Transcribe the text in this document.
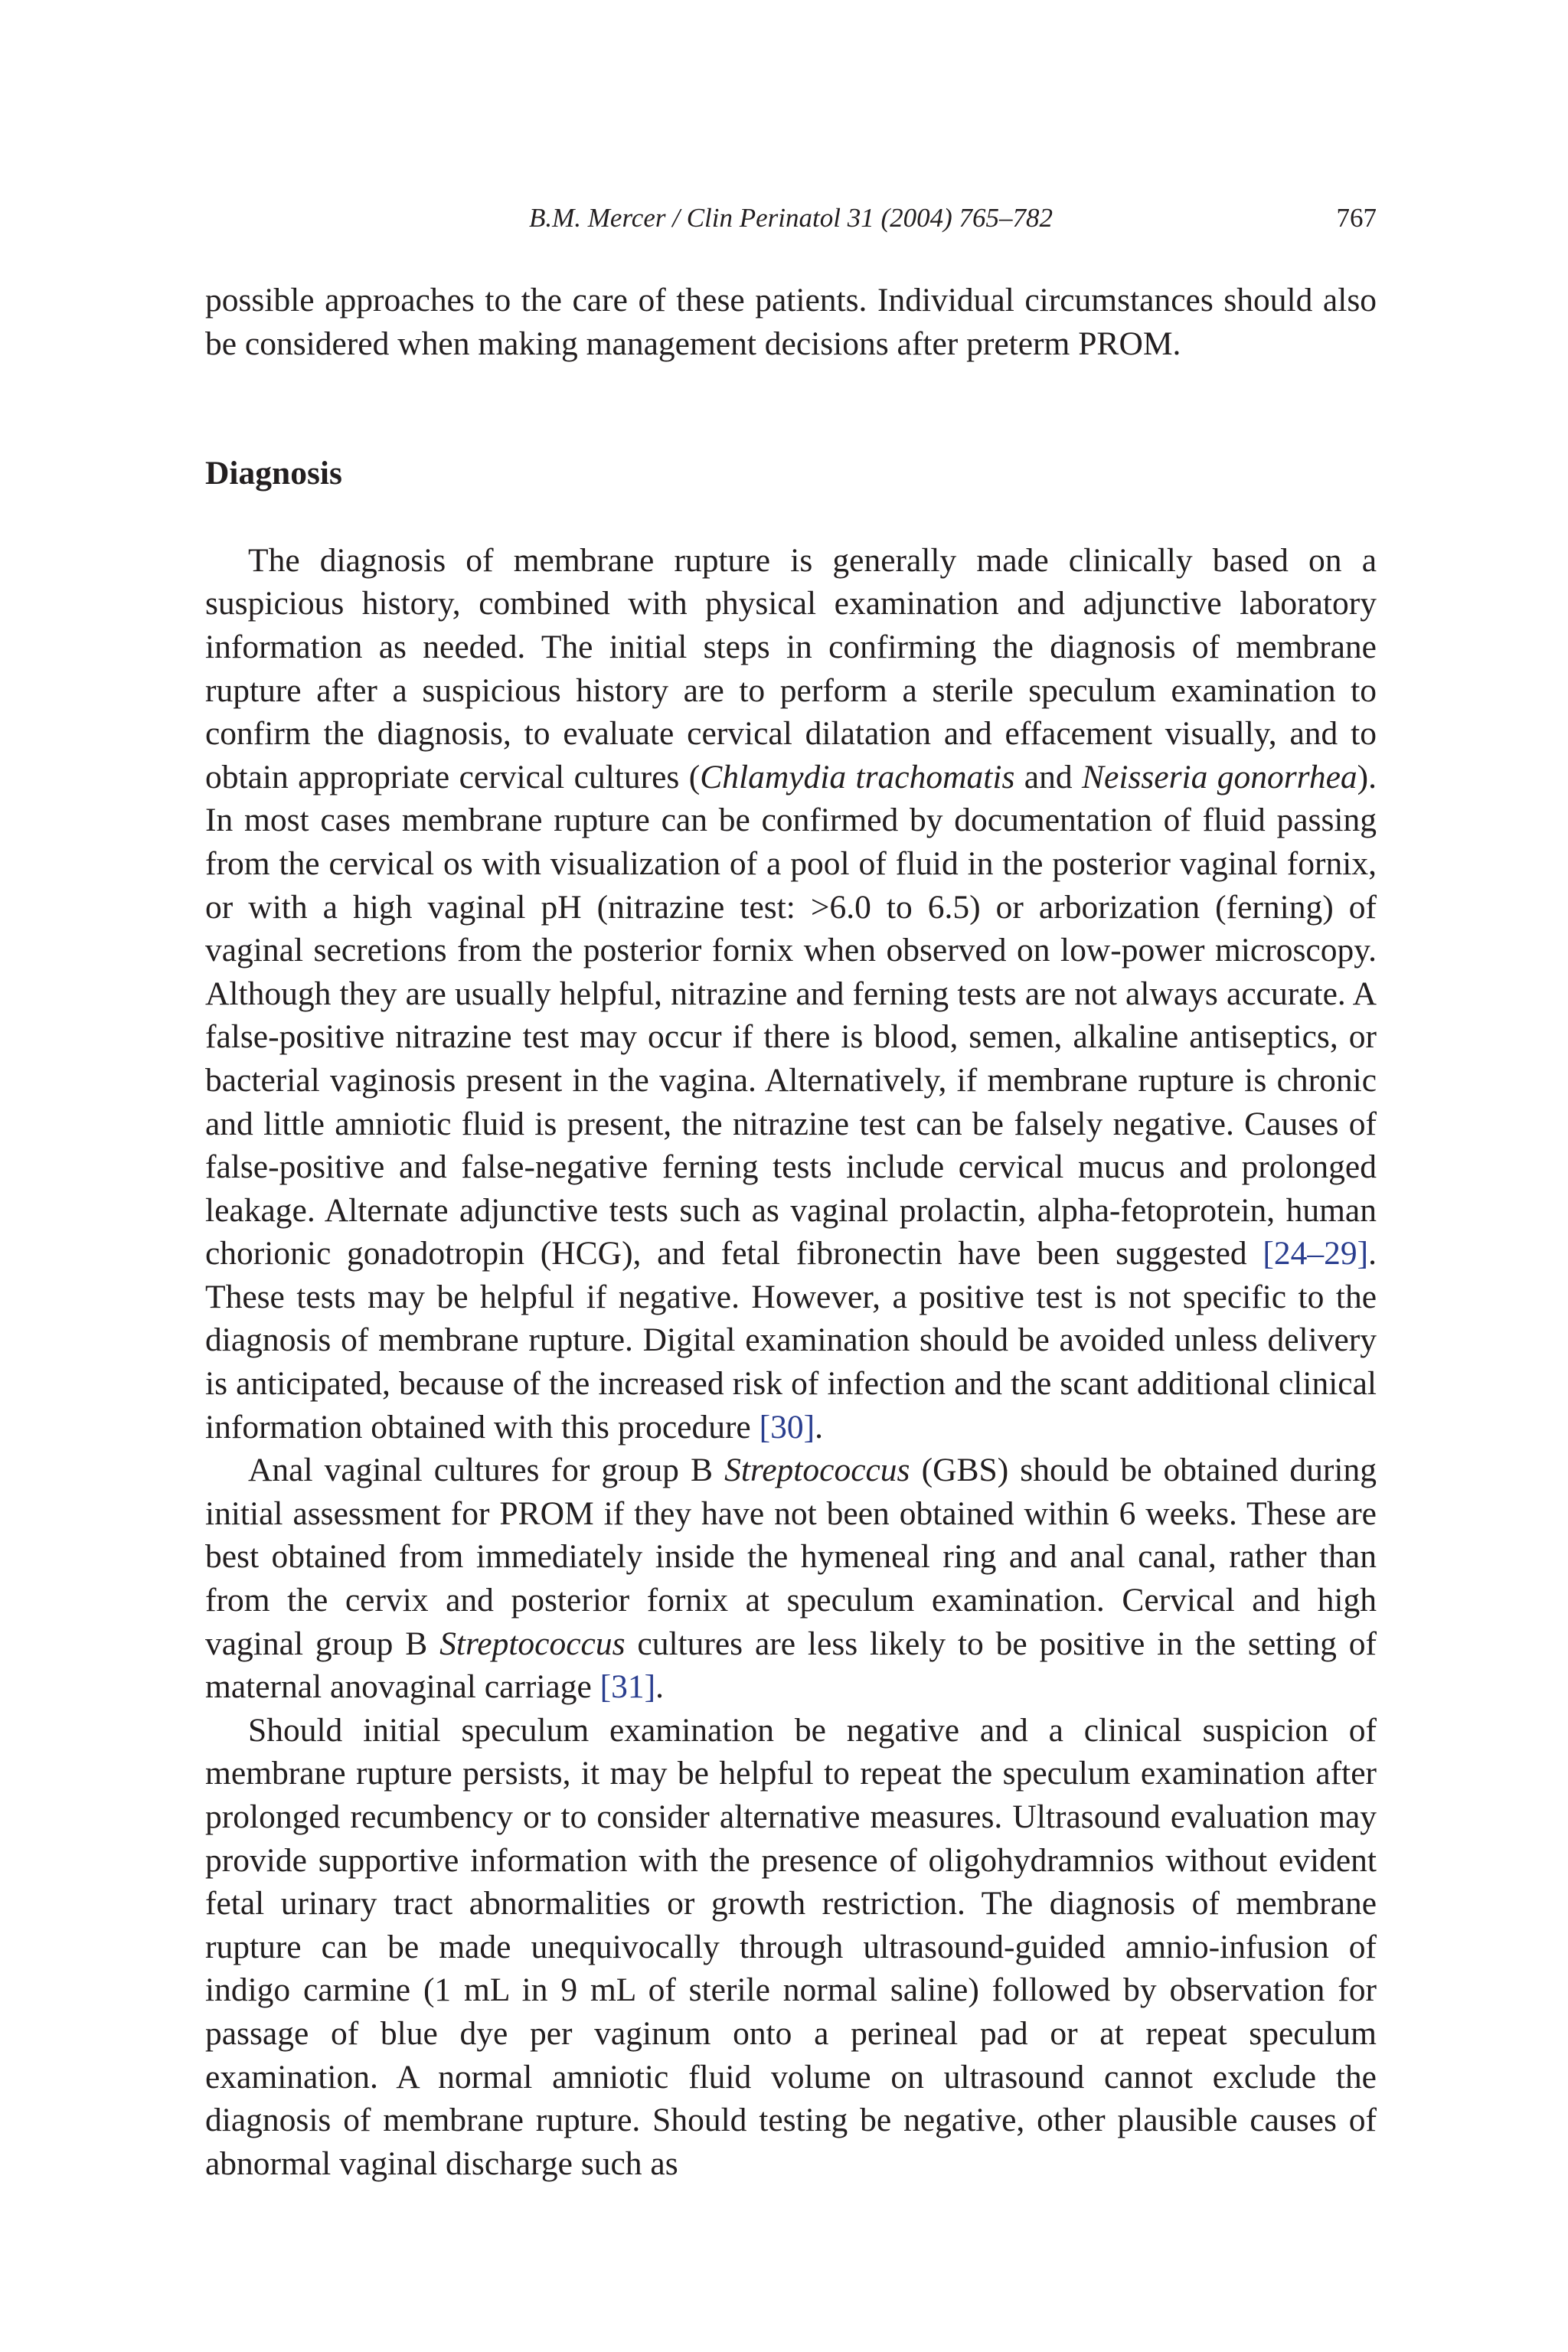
B.M. Mercer / Clin Perinatol 31 (2004) 765–782	767

possible approaches to the care of these patients. Individual circumstances should also be considered when making management decisions after preterm PROM.

Diagnosis

The diagnosis of membrane rupture is generally made clinically based on a suspicious history, combined with physical examination and adjunctive laboratory information as needed. The initial steps in confirming the diagnosis of membrane rupture after a suspicious history are to perform a sterile speculum examination to confirm the diagnosis, to evaluate cervical dilatation and effacement visually, and to obtain appropriate cervical cultures (Chlamydia trachomatis and Neisseria gonorrhea). In most cases membrane rupture can be confirmed by documentation of fluid passing from the cervical os with visualization of a pool of fluid in the posterior vaginal fornix, or with a high vaginal pH (nitrazine test: >6.0 to 6.5) or arborization (ferning) of vaginal secretions from the posterior fornix when observed on low-power microscopy. Although they are usually helpful, nitrazine and ferning tests are not always accurate. A false-positive nitrazine test may occur if there is blood, semen, alkaline antiseptics, or bacterial vaginosis present in the vagina. Alternatively, if membrane rupture is chronic and little amniotic fluid is present, the nitrazine test can be falsely negative. Causes of false-positive and false-negative ferning tests include cervical mucus and prolonged leakage. Alternate adjunctive tests such as vaginal prolactin, alpha-fetoprotein, human chorionic gonadotropin (HCG), and fetal fibronectin have been suggested [24–29]. These tests may be helpful if negative. However, a positive test is not specific to the diagnosis of membrane rupture. Digital examination should be avoided unless delivery is anticipated, because of the increased risk of infection and the scant additional clinical information obtained with this procedure [30].

Anal vaginal cultures for group B Streptococcus (GBS) should be obtained during initial assessment for PROM if they have not been obtained within 6 weeks. These are best obtained from immediately inside the hymeneal ring and anal canal, rather than from the cervix and posterior fornix at speculum examination. Cervical and high vaginal group B Streptococcus cultures are less likely to be positive in the setting of maternal anovaginal carriage [31].

Should initial speculum examination be negative and a clinical suspicion of membrane rupture persists, it may be helpful to repeat the speculum examination after prolonged recumbency or to consider alternative measures. Ultrasound evaluation may provide supportive information with the presence of oligohydramnios without evident fetal urinary tract abnormalities or growth restriction. The diagnosis of membrane rupture can be made unequivocally through ultrasound-guided amnio-infusion of indigo carmine (1 mL in 9 mL of sterile normal saline) followed by observation for passage of blue dye per vaginum onto a perineal pad or at repeat speculum examination. A normal amniotic fluid volume on ultrasound cannot exclude the diagnosis of membrane rupture. Should testing be negative, other plausible causes of abnormal vaginal discharge such as
